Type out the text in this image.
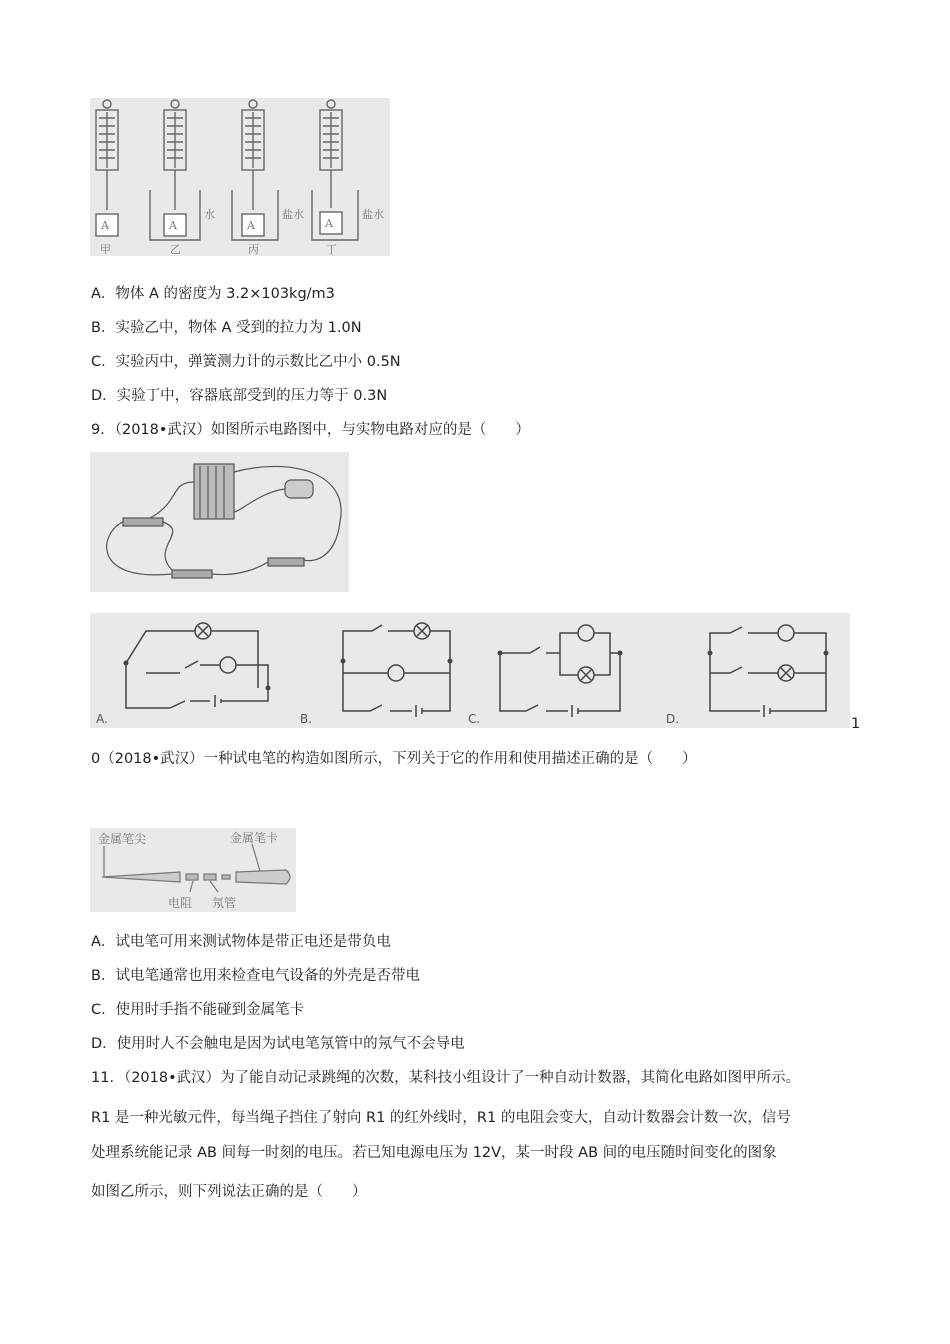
A	A	A	A
水	盐水	盐水
甲	乙	丙	丁
A．物体 A 的密度为 3.2×103kg/m3
B．实验乙中，物体 A 受到的拉力为 1.0N
C．实验丙中，弹簧测力计的示数比乙中小 0.5N
D．实验丁中，容器底部受到的压力等于 0.3N
9．（2018•武汉）如图所示电路图中，与实物电路对应的是（　　）
A.	B.	C.	D.	1
0（2018•武汉）一种试电笔的构造如图所示，下列关于它的作用和使用描述正确的是（　　）
金属笔尖	金属笔卡
电阻 氖管
A．试电笔可用来测试物体是带正电还是带负电
B．试电笔通常也用来检查电气设备的外壳是否带电
C．使用时手指不能碰到金属笔卡
D．使用时人不会触电是因为试电笔氖管中的氖气不会导电
11．（2018•武汉）为了能自动记录跳绳的次数，某科技小组设计了一种自动计数器，其简化电路如图甲所示。
R1 是一种光敏元件，每当绳子挡住了射向 R1 的红外线时，R1 的电阻会变大，自动计数器会计数一次，信号
处理系统能记录 AB 间每一时刻的电压。若已知电源电压为 12V，某一时段 AB 间的电压随时间变化的图象
如图乙所示，则下列说法正确的是（　　）
